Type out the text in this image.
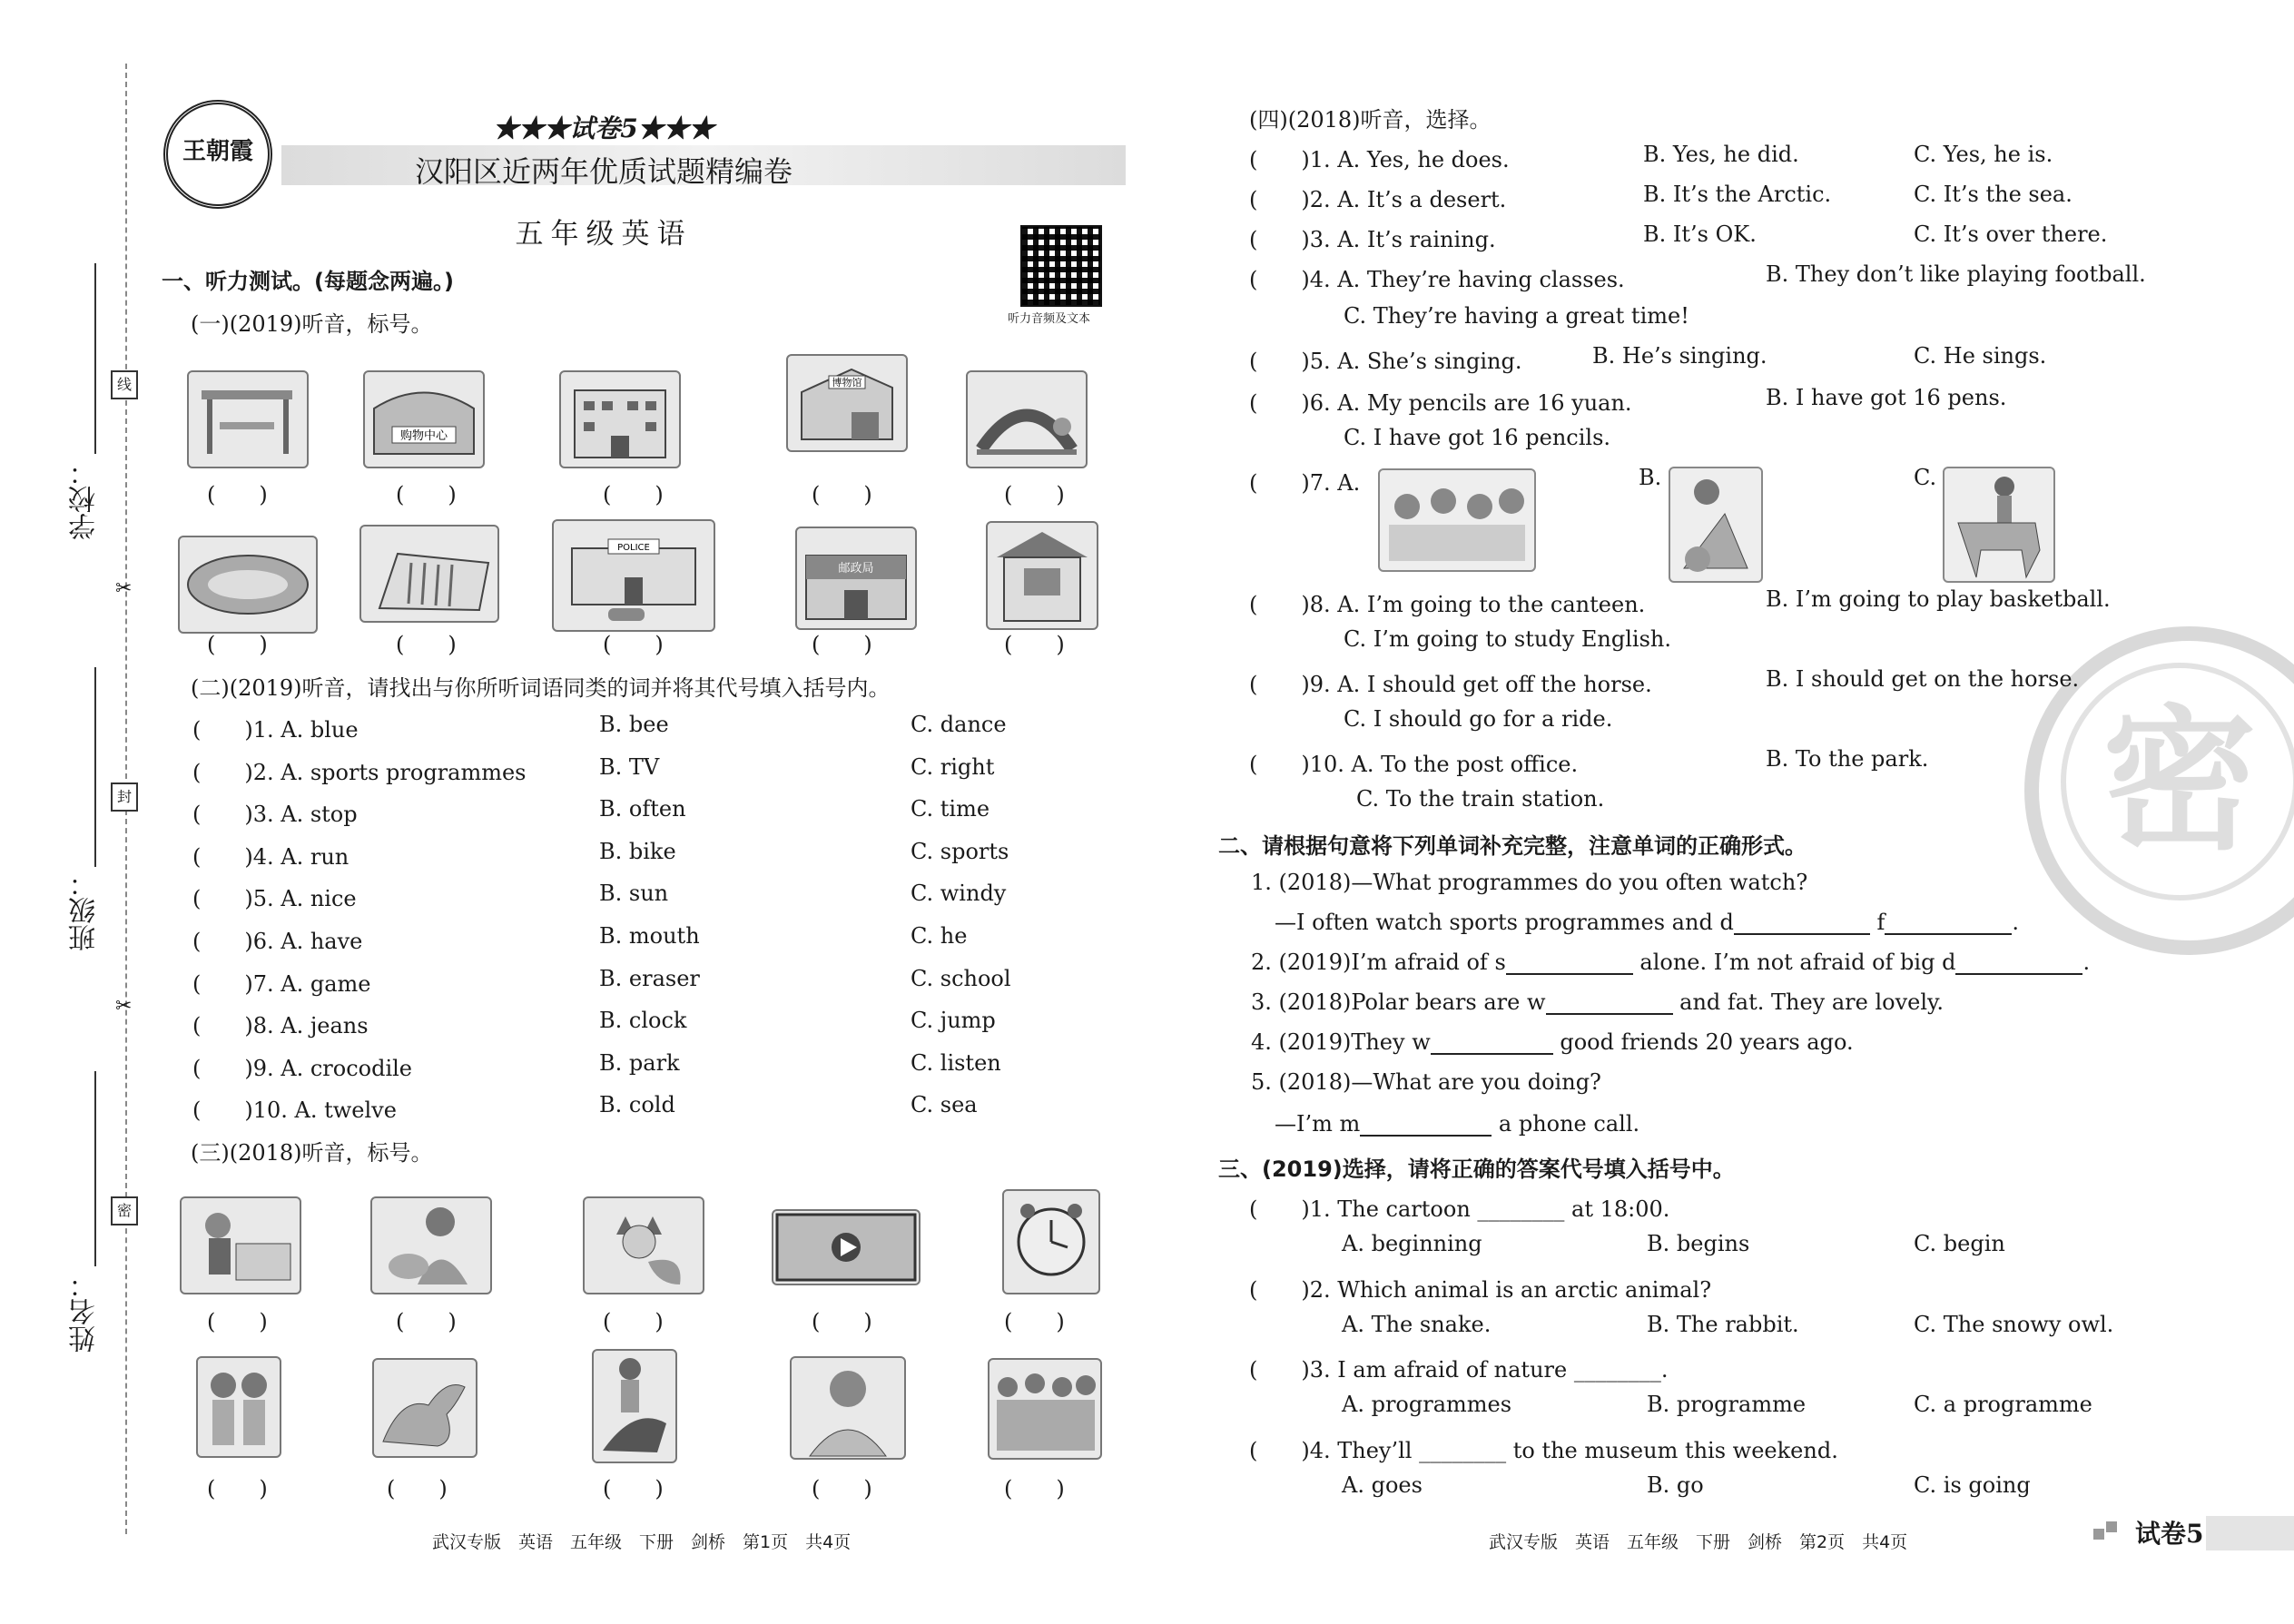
学校：
班级：
姓名：
线
封
密
✂
✂
王朝霞
★★★试卷5★★★
汉阳区近两年优质试题精编卷
五年级英语
听力音频及文本
一、听力测试。(每题念两遍。)
(一)(2019)听音，标号。
购物中心
博物馆
(　　)	(　　)	(　　)	(　　)	(　　)
POLICE
邮政局
(　　)	(　　)	(　　)	(　　)	(　　)
(二)(2019)听音，请找出与你所听词语同类的词并将其代号填入括号内。
(　　)1. A. blue	B. bee	C. dance
(　　)2. A. sports programmes	B. TV	C. right
(　　)3. A. stop	B. often	C. time
(　　)4. A. run	B. bike	C. sports
(　　)5. A. nice	B. sun	C. windy
(　　)6. A. have	B. mouth	C. he
(　　)7. A. game	B. eraser	C. school
(　　)8. A. jeans	B. clock	C. jump
(　　)9. A. crocodile	B. park	C. listen
(　　)10. A. twelve	B. cold	C. sea
(三)(2018)听音，标号。
(　　)	(　　)	(　　)	(　　)	(　　)
(　　)	(　　)	(　　)	(　　)	(　　)
武汉专版　英语　五年级　下册　剑桥　第1页　共4页
密
(四)(2018)听音，选择。
(　　)1. A. Yes, he does.	B. Yes, he did.	C. Yes, he is.
(　　)2. A. It’s a desert.	B. It’s the Arctic.	C. It’s the sea.
(　　)3. A. It’s raining.	B. It’s OK.	C. It’s over there.
(　　)4. A. They’re having classes.	B. They don’t like playing football.
C. They’re having a great time!
(　　)5. A. She’s singing.	B. He’s singing.	C. He sings.
(　　)6. A. My pencils are 16 yuan.	B. I have got 16 pens.
C. I have got 16 pencils.
(　　)7. A.	B.	C.
(　　)8. A. I’m going to the canteen.	B. I’m going to play basketball.
C. I’m going to study English.
(　　)9. A. I should get off the horse.	B. I should get on the horse.
C. I should go for a ride.
(　　)10. A. To the post office.	B. To the park.
C. To the train station.
二、请根据句意将下列单词补充完整，注意单词的正确形式。
1. (2018)—What programmes do you often watch?
—I often watch sports programmes and d	f	.
2. (2019)I’m afraid of s	alone. I’m not afraid of big d	.
3. (2018)Polar bears are w	and fat. They are lovely.
4. (2019)They w	good friends 20 years ago.
5. (2018)—What are you doing?
—I’m m	a phone call.
三、(2019)选择，请将正确的答案代号填入括号中。
(　　)1. The cartoon ________ at 18:00.
A. beginning	B. begins	C. begin
(　　)2. Which animal is an arctic animal?
A. The snake.	B. The rabbit.	C. The snowy owl.
(　　)3. I am afraid of nature ________.
A. programmes	B. programme	C. a programme
(　　)4. They’ll ________ to the museum this weekend.
A. goes	B. go	C. is going
武汉专版　英语　五年级　下册　剑桥　第2页　共4页	试卷5
